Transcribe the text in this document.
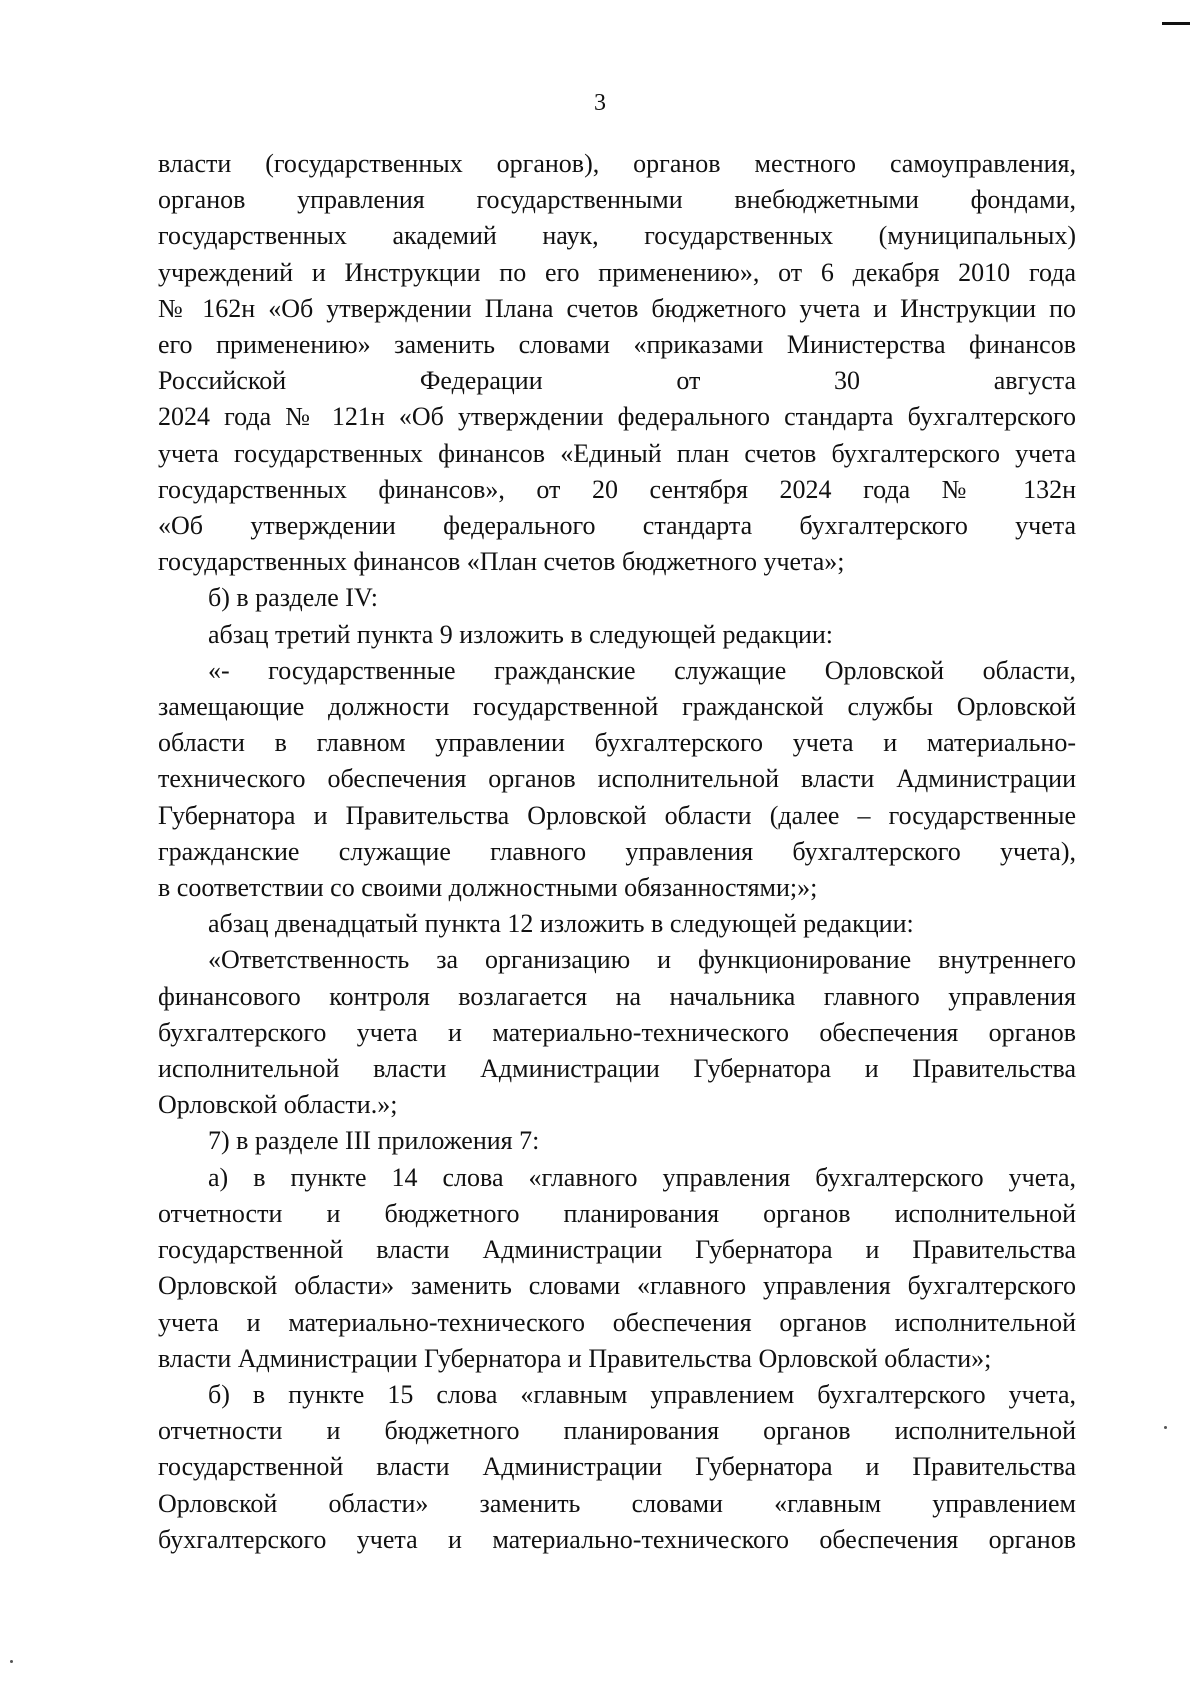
3
власти (государственных органов), органов местного самоуправления,
органов управления государственными внебюджетными фондами,
государственных академий наук, государственных (муниципальных)
учреждений и Инструкции по его применению», от 6 декабря 2010 года
№ 162н «Об утверждении Плана счетов бюджетного учета и Инструкции по
его применению» заменить словами «приказами Министерства финансов
Российской Федерации от 30 августа
2024 года № 121н «Об утверждении федерального стандарта бухгалтерского
учета государственных финансов «Единый план счетов бухгалтерского учета
государственных финансов», от 20 сентября 2024 года № 132н
«Об утверждении федерального стандарта бухгалтерского учета
государственных финансов «План счетов бюджетного учета»;
б) в разделе IV:
абзац третий пункта 9 изложить в следующей редакции:
«- государственные гражданские служащие Орловской области,
замещающие должности государственной гражданской службы Орловской
области в главном управлении бухгалтерского учета и материально-
технического обеспечения органов исполнительной власти Администрации
Губернатора и Правительства Орловской области (далее – государственные
гражданские служащие главного управления бухгалтерского учета),
в соответствии со своими должностными обязанностями;»;
абзац двенадцатый пункта 12 изложить в следующей редакции:
«Ответственность за организацию и функционирование внутреннего
финансового контроля возлагается на начальника главного управления
бухгалтерского учета и материально-технического обеспечения органов
исполнительной власти Администрации Губернатора и Правительства
Орловской области.»;
7) в разделе III приложения 7:
а) в пункте 14 слова «главного управления бухгалтерского учета,
отчетности и бюджетного планирования органов исполнительной
государственной власти Администрации Губернатора и Правительства
Орловской области» заменить словами «главного управления бухгалтерского
учета и материально-технического обеспечения органов исполнительной
власти Администрации Губернатора и Правительства Орловской области»;
б) в пункте 15 слова «главным управлением бухгалтерского учета,
отчетности и бюджетного планирования органов исполнительной
государственной власти Администрации Губернатора и Правительства
Орловской области» заменить словами «главным управлением
бухгалтерского учета и материально-технического обеспечения органов
